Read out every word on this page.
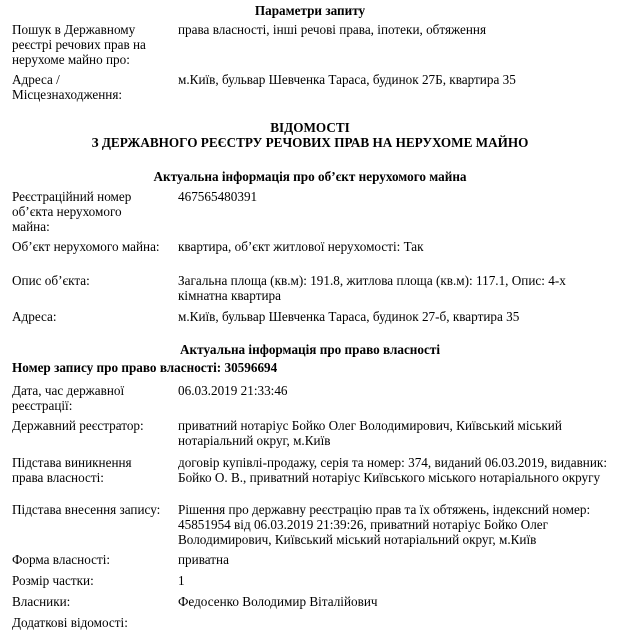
Параметри запиту
Пошук в Державному реєстрі речових прав на нерухоме майно про:
права власності, інші речові права, іпотеки, обтяження
Адреса / Місцезнаходження:
м.Київ, бульвар Шевченка Тараса, будинок 27Б, квартира 35
ВІДОМОСТІ
З ДЕРЖАВНОГО РЕЄСТРУ РЕЧОВИХ ПРАВ НА НЕРУХОМЕ МАЙНО
Актуальна інформація про об’єкт нерухомого майна
Реєстраційний номер об’єкта нерухомого майна:
467565480391
Об’єкт нерухомого майна: квартира, об’єкт житлової нерухомості: Так
Опис об’єкта:	Загальна площа (кв.м): 191.8, житлова площа (кв.м): 117.1, Опис: 4-х кімнатна квартира
Адреса:	м.Київ, бульвар Шевченка Тараса, будинок 27-б, квартира 35
Актуальна інформація про право власності
Номер запису про право власності: 30596694
Дата, час державної реєстрації:
06.03.2019 21:33:46
Державний реєстратор:	приватний нотаріус Бойко Олег Володимирович, Київський міський нотаріальний округ, м.Київ
Підстава виникнення права власності:
договір купівлі-продажу, серія та номер: 374, виданий 06.03.2019, видавник: Бойко О. В., приватний нотаріус Київського міського нотаріального округу
Підстава внесення запису: Рішення про державну реєстрацію прав та їх обтяжень, індексний номер: 45851954 від 06.03.2019 21:39:26, приватний нотаріус Бойко Олег Володимирович, Київський міський нотаріальний округ, м.Київ
Форма власності:	приватна
Розмір частки:	1
Власники:	Федосенко Володимир Віталійович
Додаткові відомості:
